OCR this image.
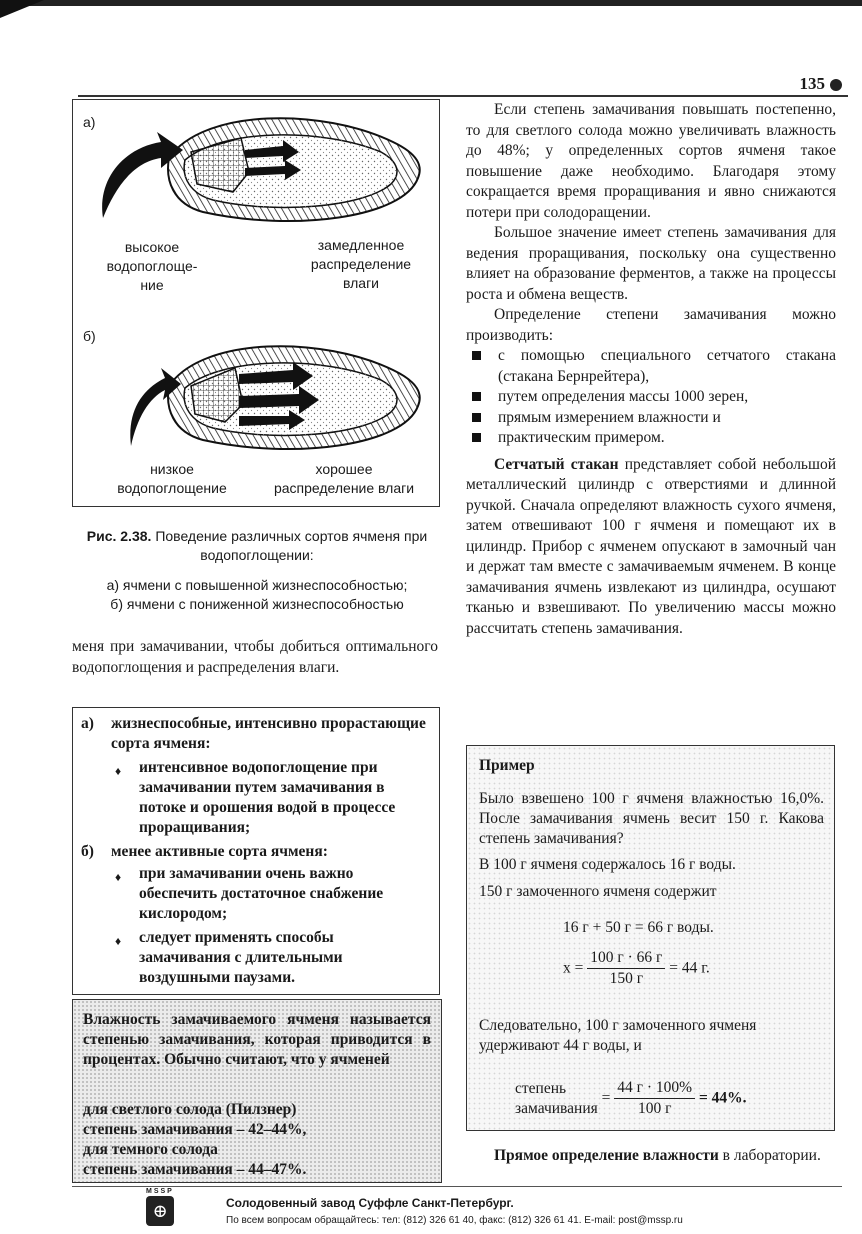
135
а)
высокое
водопоглоще-
ние
замедленное
распределение
влаги
б)
низкое
водопоглощение
хорошее
распределение влаги
Рис. 2.38. Поведение различных сортов ячменя при водопоглощении:
а) ячмени с повышенной жизнеспособностью;
б) ячмени с пониженной жизнеспособностью
меня при замачивании, чтобы добиться оптимального водопоглощения и распределения влаги.
а) жизнеспособные, интенсивно прорастающие сорта ячменя:
♦ интенсивное водопоглощение при замачивании путем замачивания в потоке и орошения водой в процессе проращивания;
б) менее активные сорта ячменя:
♦ при замачивании очень важно обеспечить достаточное снабжение кислородом;
♦ следует применять способы замачивания с длительными воздушными паузами.
Влажность замачиваемого ячменя называется степенью замачивания, которая приводится в процентах. Обычно считают, что у ячменей
для светлого солода (Пилзнер)
степень замачивания – 42–44%,
для темного солода
степень замачивания – 44–47%.

Если степень замачивания повышать постепенно, то для светлого солода можно увеличивать влажность до 48%; у определенных сортов ячменя такое повышение даже необходимо. Благодаря этому сокращается время проращивания и явно снижаются потери при солодоращении.

Большое значение имеет степень замачивания для ведения проращивания, поскольку она существенно влияет на образование ферментов, а также на процессы роста и обмена веществ.

Определение степени замачивания можно производить:

с помощью специального сетчатого стакана (стакана Бернрейтера),
путем определения массы 1000 зерен,
прямым измерением влажности и
практическим примером.

Сетчатый стакан представляет собой небольшой металлический цилиндр с отверстиями и длинной ручкой. Сначала определяют влажность сухого ячменя, затем отвешивают 100 г ячменя и помещают их в цилиндр. Прибор с ячменем опускают в замочный чан и держат там вместе с замачиваемым ячменем. В конце замачивания ячмень извлекают из цилиндра, осушают тканью и взвешивают. По увеличению массы можно рассчитать степень замачивания.

Пример
Было взвешено 100 г ячменя влажностью 16,0%. После замачивания ячмень весит 150 г. Какова степень замачивания?
В 100 г ячменя содержалось 16 г воды.
150 г замоченного ячменя содержит
16 г + 50 г = 66 г воды.
$x = \frac{100 г \cdot 66 г}{150 г} = 44$ г.
Следовательно, 100 г замоченного ячменя удерживают 44 г воды, и
степень
замачивания = $\frac{44 г \cdot 100\%}{100 г} = 44\%$.

Прямое определение влажности в лаборатории.

MSSP
⊕	Солодовенный завод Суффле Санкт-Петербург.
По всем вопросам обращайтесь: тел: (812) 326 61 40, факс: (812) 326 61 41. E-mail: post@mssp.ru
